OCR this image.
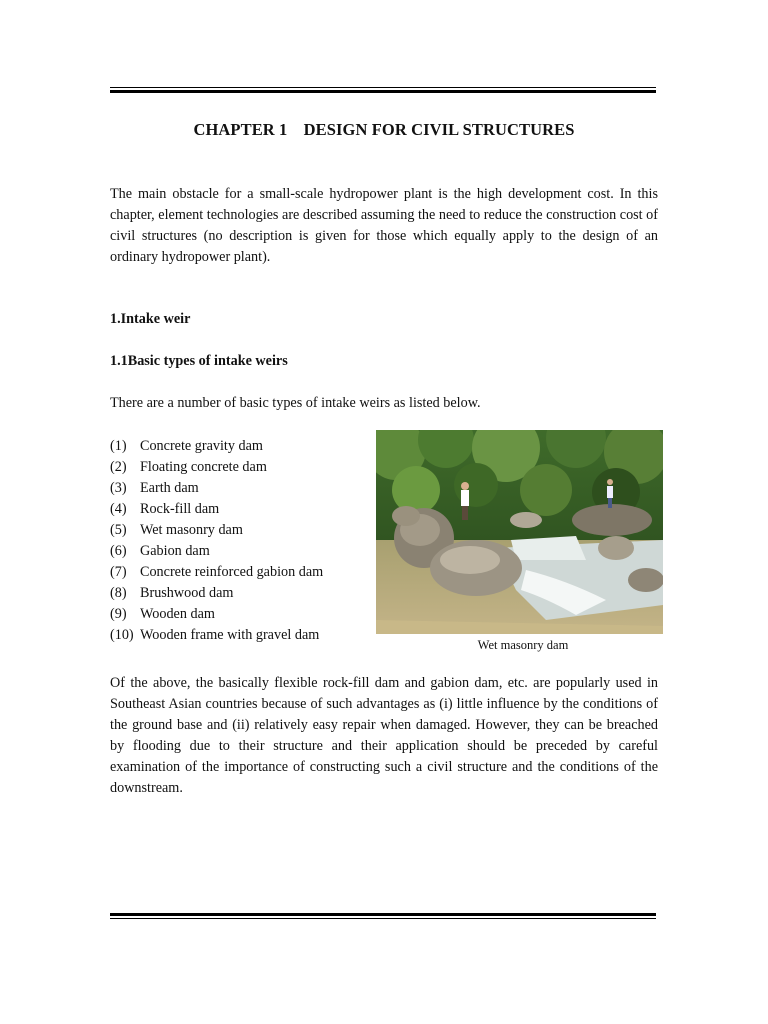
CHAPTER 1 DESIGN FOR CIVIL STRUCTURES

The main obstacle for a small-scale hydropower plant is the high development cost. In this chapter, element technologies are described assuming the need to reduce the construction cost of civil structures (no description is given for those which equally apply to the design of an ordinary hydropower plant).

1.Intake weir
1.1Basic types of intake weirs
There are a number of basic types of intake weirs as listed below.
(1) Concrete gravity dam
(2) Floating concrete dam
(3) Earth dam
(4) Rock-fill dam
(5) Wet masonry dam
(6) Gabion dam
(7) Concrete reinforced gabion dam
(8) Brushwood dam
(9) Wooden dam
(10) Wooden frame with gravel dam
Wet masonry dam

Of the above, the basically flexible rock-fill dam and gabion dam, etc. are popularly used in Southeast Asian countries because of such advantages as (i) little influence by the conditions of the ground base and (ii) relatively easy repair when damaged. However, they can be breached by flooding due to their structure and their application should be preceded by careful examination of the importance of constructing such a civil structure and the conditions of the downstream.
